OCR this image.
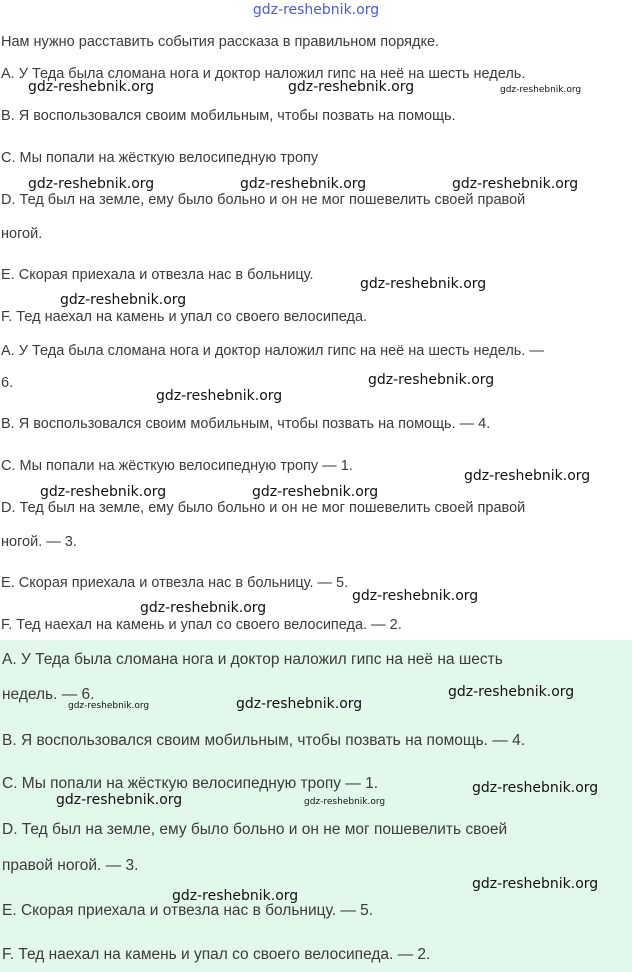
gdz-reshebnik.org
Нам нужно расставить события рассказа в правильном порядке.
A. У Теда была сломана нога и доктор наложил гипс на неё на шесть недель.
B. Я воспользовался своим мобильным, чтобы позвать на помощь.
C. Мы попали на жёсткую велосипедную тропу
D. Тед был на земле, ему было больно и он не мог пошевелить своей правой
ногой.
E. Скорая приехала и отвезла нас в больницу.
F. Тед наехал на камень и упал со своего велосипеда.
A. У Теда была сломана нога и доктор наложил гипс на неё на шесть недель. —
6.
B. Я воспользовался своим мобильным, чтобы позвать на помощь. — 4.
C. Мы попали на жёсткую велосипедную тропу — 1.
D. Тед был на земле, ему было больно и он не мог пошевелить своей правой
ногой. — 3.
E. Скорая приехала и отвезла нас в больницу. — 5.
F. Тед наехал на камень и упал со своего велосипеда. — 2.
A. У Теда была сломана нога и доктор наложил гипс на неё на шесть
недель. — 6.
B. Я воспользовался своим мобильным, чтобы позвать на помощь. — 4.
C. Мы попали на жёсткую велосипедную тропу — 1.
D. Тед был на земле, ему было больно и он не мог пошевелить своей
правой ногой. — 3.
E. Скорая приехала и отвезла нас в больницу. — 5.
F. Тед наехал на камень и упал со своего велосипеда. — 2.
gdz-reshebnik.org	gdz-reshebnik.org	gdz-reshebnik.org
gdz-reshebnik.org	gdz-reshebnik.org	gdz-reshebnik.org
gdz-reshebnik.org
gdz-reshebnik.org
gdz-reshebnik.org
gdz-reshebnik.org
gdz-reshebnik.org
gdz-reshebnik.org	gdz-reshebnik.org
gdz-reshebnik.org
gdz-reshebnik.org
gdz-reshebnik.org
gdz-reshebnik.org	gdz-reshebnik.org
gdz-reshebnik.org
gdz-reshebnik.org	gdz-reshebnik.org
gdz-reshebnik.org
gdz-reshebnik.org
